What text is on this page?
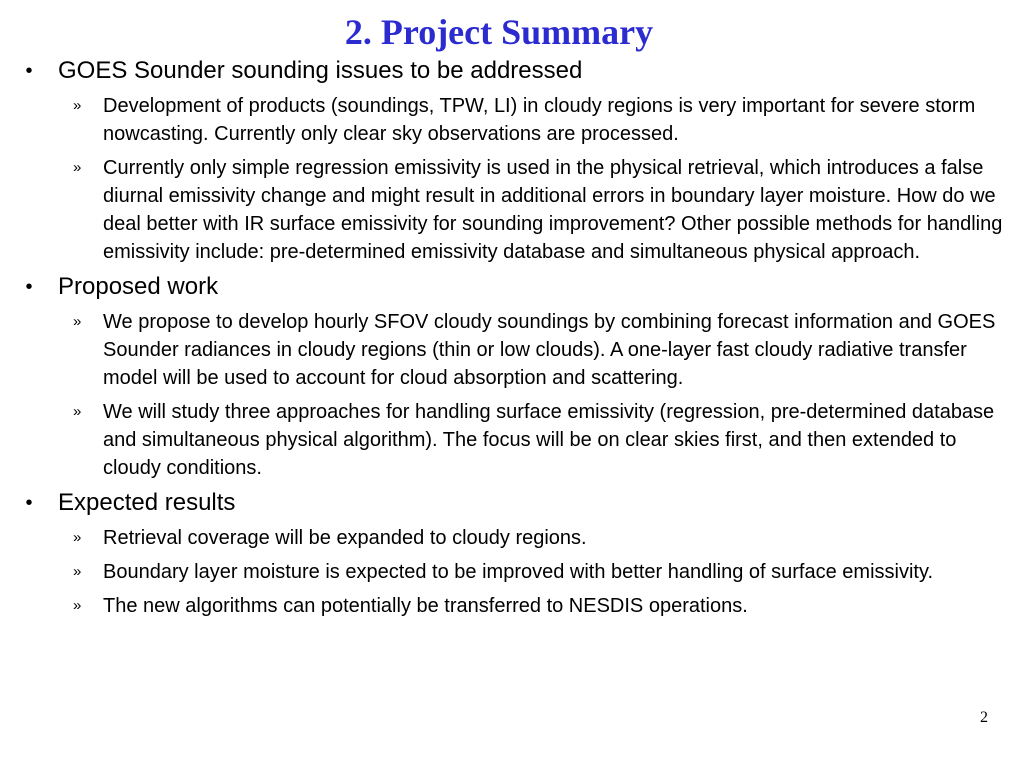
2. Project Summary
• GOES Sounder sounding issues to be addressed
» Development of products (soundings, TPW, LI) in cloudy regions is very important for severe storm nowcasting. Currently only clear sky observations are processed.
» Currently only simple regression emissivity is used in the physical retrieval, which introduces a false diurnal emissivity change and might result in additional errors in boundary layer moisture. How do we deal better with IR surface emissivity for sounding improvement? Other possible methods for handling emissivity include: pre-determined emissivity database and simultaneous physical approach.
• Proposed work
» We propose to develop hourly SFOV cloudy soundings by combining forecast information and GOES Sounder radiances in cloudy regions (thin or low clouds). A one-layer fast cloudy radiative transfer model will be used to account for cloud absorption and scattering.
» We will study three approaches for handling surface emissivity (regression, pre-determined database and simultaneous physical algorithm). The focus will be on clear skies first, and then extended to cloudy conditions.
• Expected results
» Retrieval coverage will be expanded to cloudy regions.
» Boundary layer moisture is expected to be improved with better handling of surface emissivity.
» The new algorithms can potentially be transferred to NESDIS operations.
2
